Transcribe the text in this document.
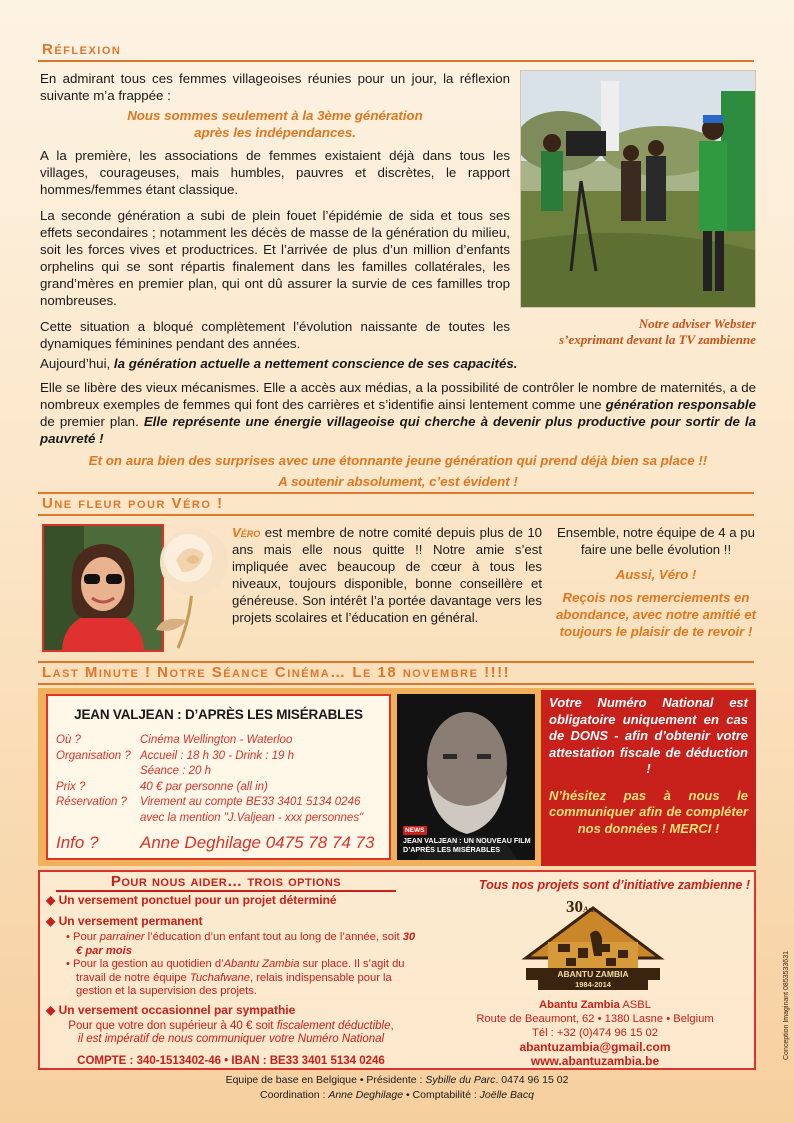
Réflexion

En admirant tous ces femmes villageoises réunies pour un jour, la réflexion suivante m’a frappée :

Nous sommes seulement à la 3ème génération

après les indépendances.

A la première, les associations de femmes existaient déjà dans tous les villages, courageuses, mais humbles, pauvres et discrètes, le rapport hommes/femmes étant classique.

La seconde génération a subi de plein fouet l’épidémie de sida et tous ses effets secondaires ; notamment les décès de masse de la génération du milieu, soit les forces vives et productrices. Et l’arrivée de plus d’un million d’enfants orphelins qui se sont répartis finalement dans les familles collatérales, les grand’mères en premier plan, qui ont dû assurer la survie de ces familles trop nombreuses.

Cette situation a bloqué complètement l’évolution naissante de toutes les dynamiques féminines pendant des années.

Notre adviser Webster

s’exprimant devant la TV zambienne

Aujourd’hui, la génération actuelle a nettement conscience de ses capacités.

Elle se libère des vieux mécanismes. Elle a accès aux médias, a la possibilité de contrôler le nombre de maternités, a de nombreux exemples de femmes qui font des carrières et s’identifie ainsi lentement comme une génération responsable de premier plan. Elle représente une énergie villageoise qui cherche à devenir plus productive pour sortir de la pauvreté !

Et on aura bien des surprises avec une étonnante jeune génération qui prend déjà bien sa place !!

A soutenir absolument, c’est évident !

Une fleur pour Véro !

Véro est membre de notre comité depuis plus de 10 ans mais elle nous quitte !! Notre amie s’est impliquée avec beaucoup de cœur à tous les niveaux, toujours disponible, bonne conseillère et généreuse. Son intérêt l’a portée davantage vers les projets scolaires et l’éducation en général.

Ensemble, notre équipe de 4 a pu faire une belle évolution !!

Aussi, Véro !

Reçois nos remerciements en abondance, avec notre amitié et toujours le plaisir de te revoir !

Last Minute ! Notre Séance Cinéma… Le 18 novembre !!!!
JEAN VALJEAN : D’APRÈS LES MISÉRABLES
Où ?	Cinéma Wellington - Waterloo
Organisation ? Accueil : 18 h 30 - Drink : 19 h
Séance : 20 h
Prix ?	40 € par personne (all in)
Réservation ?	Virement au compte BE33 3401 5134 0246
avec la mention "J.Valjean - xxx personnes"
Info ?	Anne Deghilage 0475 78 74 73
NEWS

JEAN VALJEAN : UN NOUVEAU FILM

D’APRÈS LES MISÉRABLES

Votre Numéro National est obligatoire uniquement en cas de DONS - afin d’obtenir votre attestation fiscale de déduction !

N’hésitez pas à nous le communiquer afin de compléter nos données ! MERCI !

Pour nous aider… trois options	Tous nos projets sont d’initiative zambienne !

◆ Un versement ponctuel pour un projet déterminé

◆ Un versement permanent

• Pour parrainer l’éducation d’un enfant tout au long de l’année, soit 30 € par mois

• Pour la gestion au quotidien d’Abantu Zambia sur place. Il s’agit du travail de notre équipe Tuchafwane, relais indispensable pour la gestion et la supervision des projets.

◆ Un versement occasionnel par sympathie

Pour que votre don supérieur à 40 € soit fiscalement déductible,

il est impératif de nous communiquer votre Numéro National

COMPTE : 340-1513402-46 • IBAN : BE33 3401 5134 0246

30Ans
ABANTU ZAMBIA
1984-2014

Abantu Zambia ASBL

Route de Beaumont, 62 • 1380 Lasne • Belgium

Tél : +32 (0)474 96 15 02

abantuzambia@gmail.com

www.abantuzambia.be

Conception Imaginant 0853533631

Equipe de base en Belgique • Présidente : Sybille du Parc. 0474 96 15 02

Coordination : Anne Deghilage • Comptabilité : Joëlle Bacq
